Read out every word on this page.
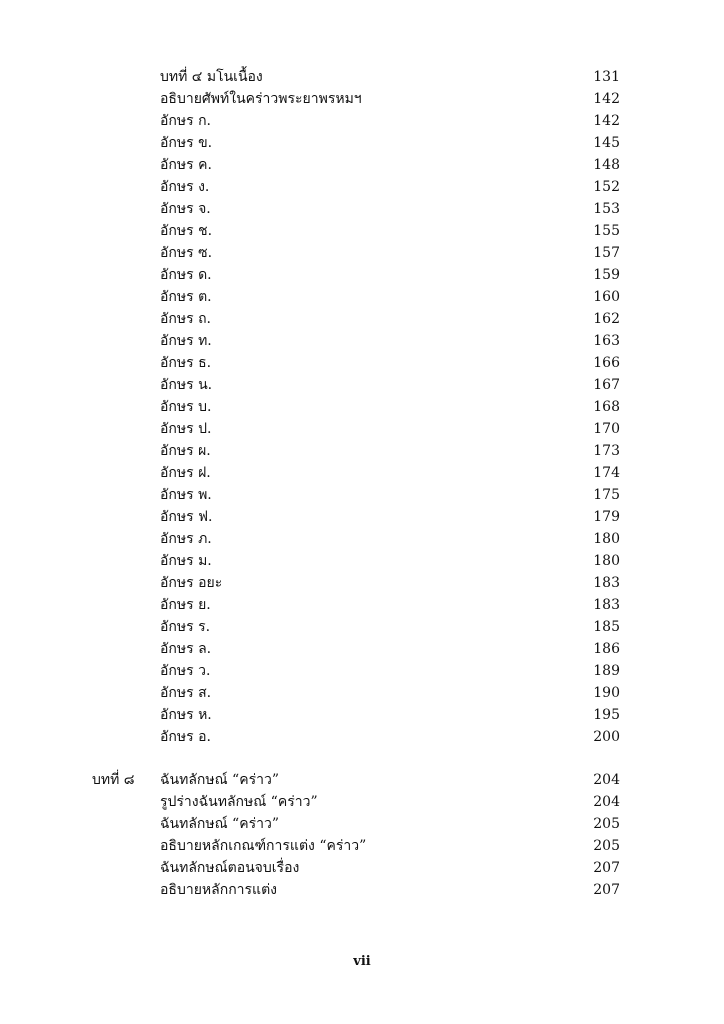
บทที่ ๔ มโนเนื้อง	131
อธิบายศัพท์ในคร่าวพระยาพรหมฯ	142
อักษร ก.	142
อักษร ข.	145
อักษร ค.	148
อักษร ง.	152
อักษร จ.	153
อักษร ช.	155
อักษร ซ.	157
อักษร ด.	159
อักษร ต.	160
อักษร ถ.	162
อักษร ท.	163
อักษร ธ.	166
อักษร น.	167
อักษร บ.	168
อักษร ป.	170
อักษร ผ.	173
อักษร ฝ.	174
อักษร พ.	175
อักษร ฟ.	179
อักษร ภ.	180
อักษร ม.	180
อักษร อยะ	183
อักษร ย.	183
อักษร ร.	185
อักษร ล.	186
อักษร ว.	189
อักษร ส.	190
อักษร ห.	195
อักษร อ.	200
บทที่ ๘ ฉันทลักษณ์ “คร่าว”	204
รูปร่างฉันทลักษณ์ “คร่าว”	204
ฉันทลักษณ์ “คร่าว”	205
อธิบายหลักเกณฑ์การแต่ง “คร่าว”	205
ฉันทลักษณ์ตอนจบเรื่อง	207
อธิบายหลักการแต่ง	207
vii
